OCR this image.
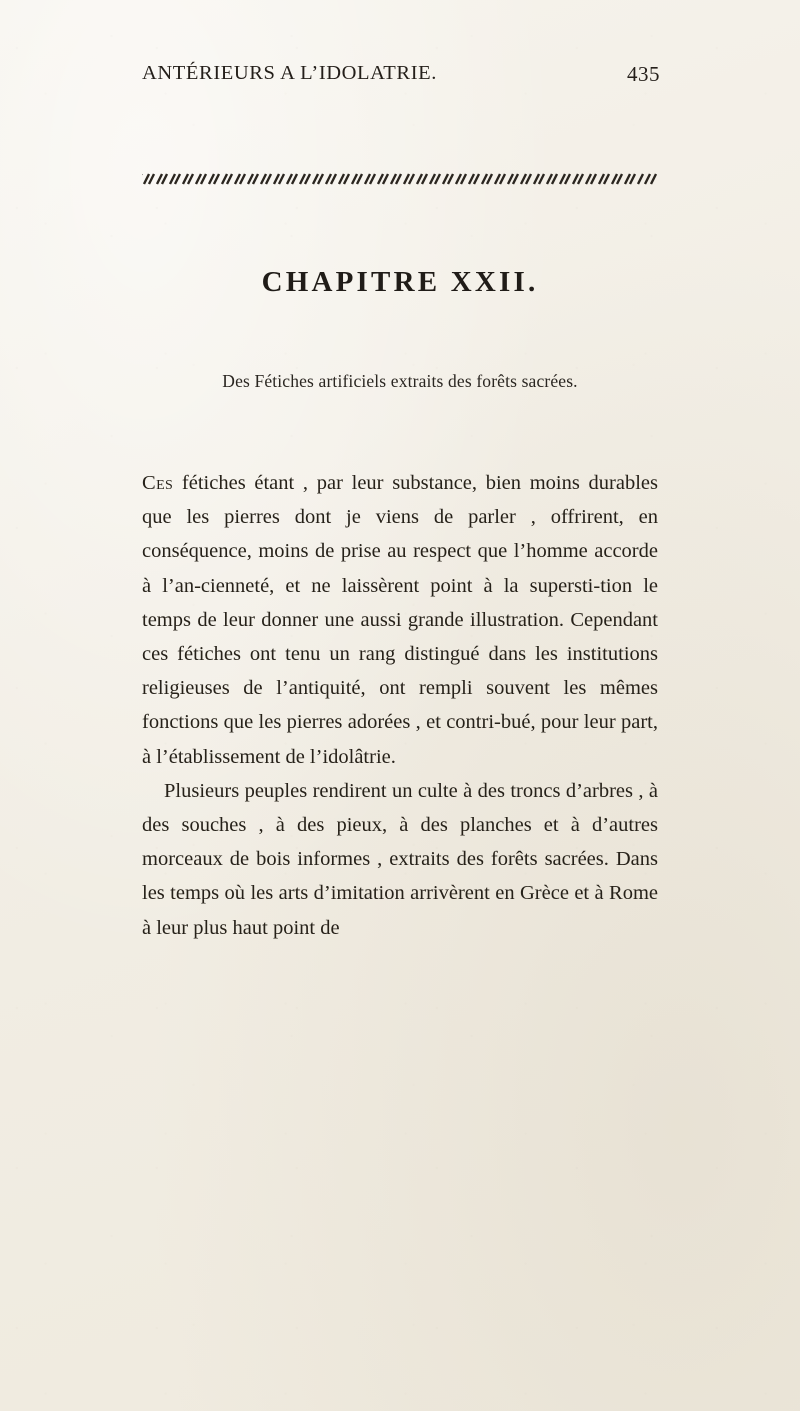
ANTÉRIEURS A L’IDOLATRIE.	435
CHAPITRE XXII.
Des Fétiches artificiels extraits des forêts sacrées.

Ces fétiches étant , par leur substance, bien moins durables que les pierres dont je viens de parler , offrirent, en conséquence, moins de prise au respect que l’homme accorde à l’an-cienneté, et ne laissèrent point à la supersti-tion le temps de leur donner une aussi grande illustration. Cependant ces fétiches ont tenu un rang distingué dans les institutions religieuses de l’antiquité, ont rempli souvent les mêmes fonctions que les pierres adorées , et contri-bué, pour leur part, à l’établissement de l’idolâtrie.

Plusieurs peuples rendirent un culte à des troncs d’arbres , à des souches , à des pieux, à des planches et à d’autres morceaux de bois informes , extraits des forêts sacrées. Dans les temps où les arts d’imitation arrivèrent en Grèce et à Rome à leur plus haut point de
